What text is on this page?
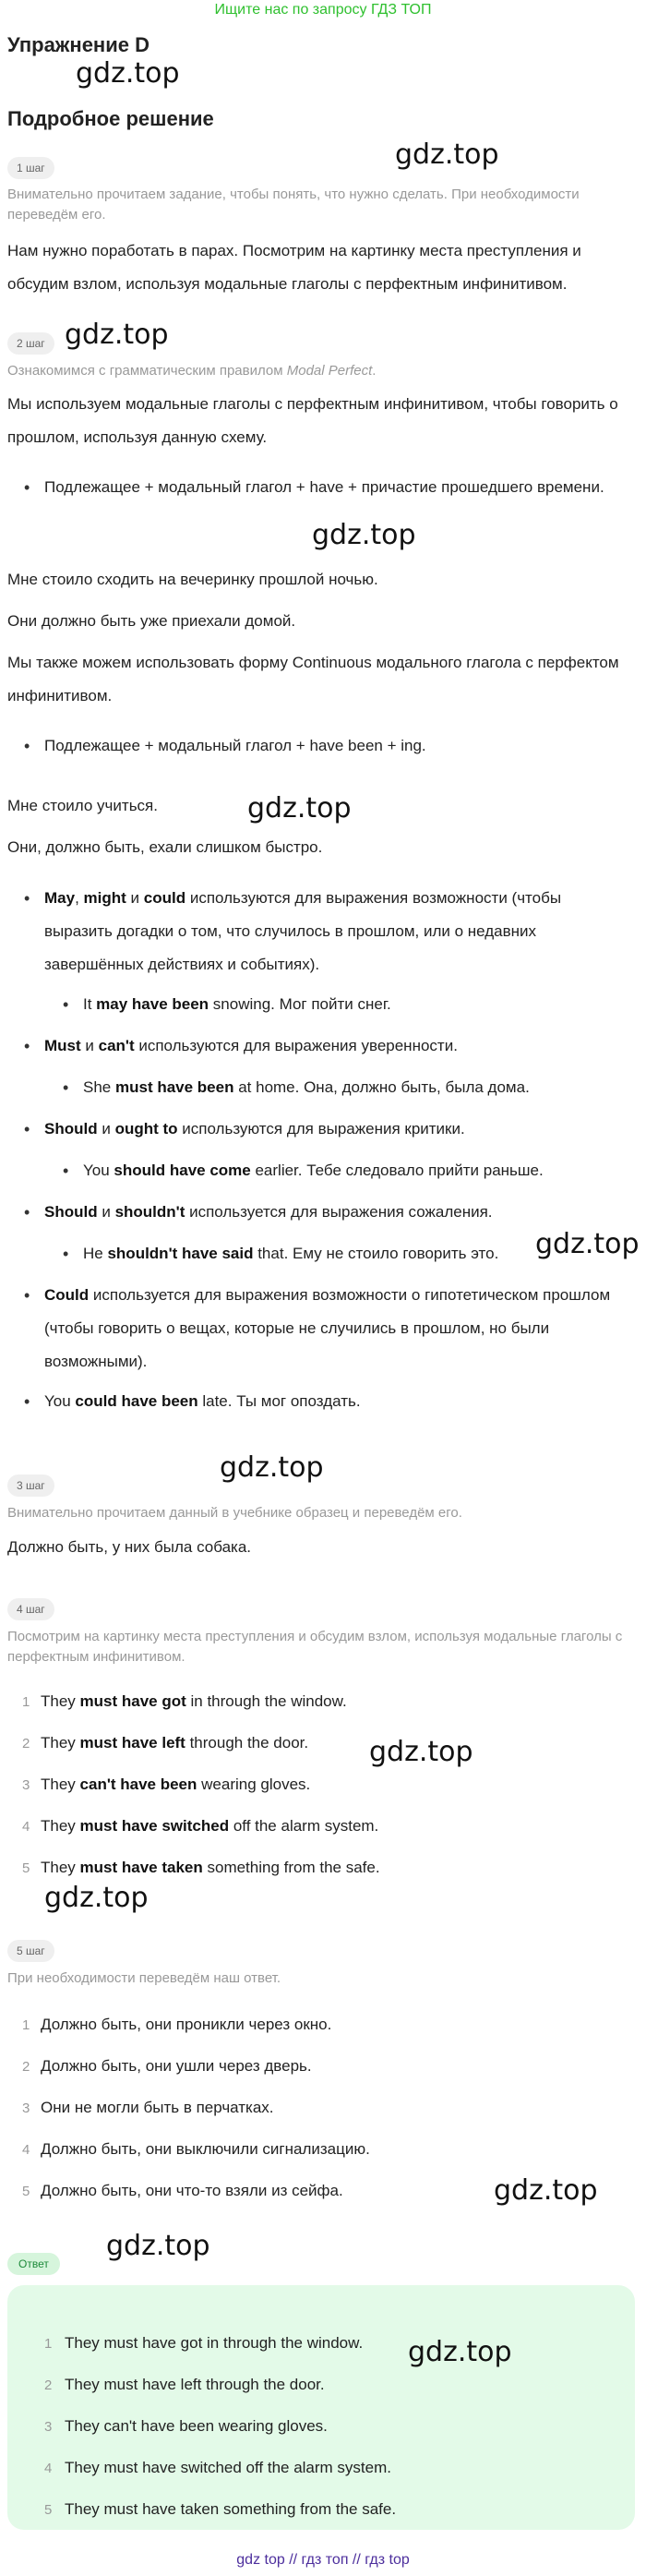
Ищите нас по запросу ГДЗ ТОП
Упражнение D
gdz.top
Подробное решение
gdz.top
1 шаг
Внимательно прочитаем задание, чтобы понять, что нужно сделать. При необходимости переведём его.
Нам нужно поработать в парах. Посмотрим на картинку места преступления и обсудим взлом, используя модальные глаголы с перфектным инфинитивом.
2 шаг gdz.top
Ознакомимся с грамматическим правилом Modal Perfect.
Мы используем модальные глаголы с перфектным инфинитивом, чтобы говорить о прошлом, используя данную схему.
• Подлежащее + модальный глагол + have + причастие прошедшего времени.
gdz.top
Мне стоило сходить на вечеринку прошлой ночью.
Они должно быть уже приехали домой.
Мы также можем использовать форму Continuous модального глагола с перфектом инфинитивом.
• Подлежащее + модальный глагол + have been + ing.
Мне стоило учиться.	gdz.top
Они, должно быть, ехали слишком быстро.
• May, might и could используются для выражения возможности (чтобы выразить догадки о том, что случилось в прошлом, или о недавних завершённых действиях и событиях).
• It may have been snowing. Мог пойти снег.
• Must и can't используются для выражения уверенности.
• She must have been at home. Она, должно быть, была дома.
• Should и ought to используются для выражения критики.
• You should have come earlier. Тебе следовало прийти раньше.
• Should и shouldn't используется для выражения сожаления.
• He shouldn't have said that. Ему не стоило говорить это.	gdz.top
• Could используется для выражения возможности о гипотетическом прошлом (чтобы говорить о вещах, которые не случились в прошлом, но были возможными).
• You could have been late. Ты мог опоздать.
gdz.top
3 шаг
Внимательно прочитаем данный в учебнике образец и переведём его.
Должно быть, у них была собака.
4 шаг
Посмотрим на картинку места преступления и обсудим взлом, используя модальные глаголы с перфектным инфинитивом.
1 They must have got in through the window.
2 They must have left through the door. gdz.top
3 They can't have been wearing gloves.
4 They must have switched off the alarm system.
5 They must have taken something from the safe.
gdz.top
5 шаг
При необходимости переведём наш ответ.
1 Должно быть, они проникли через окно.
2 Должно быть, они ушли через дверь.
3 Они не могли быть в перчатках.
4 Должно быть, они выключили сигнализацию.
5 Должно быть, они что-то взяли из сейфа.	gdz.top
gdz.top
Ответ
1 They must have got in through the window. gdz.top
2 They must have left through the door.
3 They can't have been wearing gloves.
4 They must have switched off the alarm system.
5 They must have taken something from the safe.
gdz top // гдз топ // гдз top
